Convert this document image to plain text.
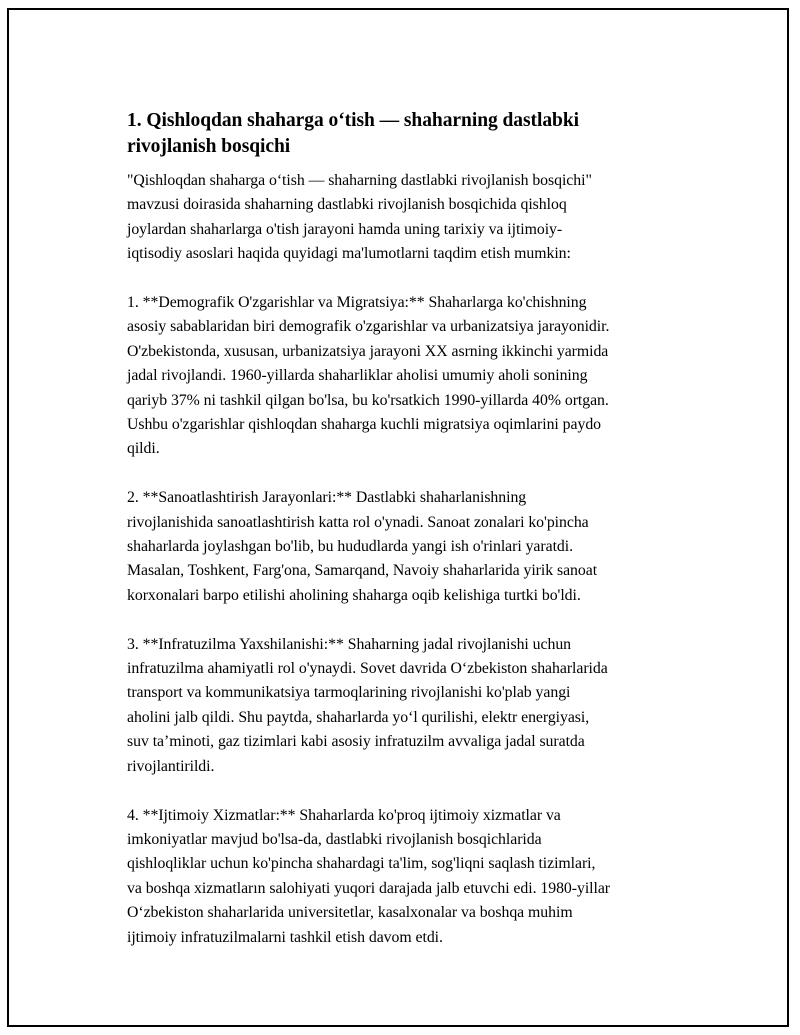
1. Qishloqdan shaharga o‘tish — shaharning dastlabki
rivojlanish bosqichi

"Qishloqdan shaharga o‘tish — shaharning dastlabki rivojlanish bosqichi"
mavzusi doirasida shaharning dastlabki rivojlanish bosqichida qishloq
joylardan shaharlarga o'tish jarayoni hamda uning tarixiy va ijtimoiy-
iqtisodiy asoslari haqida quyidagi ma'lumotlarni taqdim etish mumkin:

1. **Demografik O'zgarishlar va Migratsiya:** Shaharlarga ko'chishning
asosiy sabablaridan biri demografik o'zgarishlar va urbanizatsiya jarayonidir.
O'zbekistonda, xususan, urbanizatsiya jarayoni XX asrning ikkinchi yarmida
jadal rivojlandi. 1960-yillarda shaharliklar aholisi umumiy aholi sonining
qariyb 37% ni tashkil qilgan bo'lsa, bu ko'rsatkich 1990-yillarda 40% ortgan.
Ushbu o'zgarishlar qishloqdan shaharga kuchli migratsiya oqimlarini paydo
qildi.

2. **Sanoatlashtirish Jarayonlari:** Dastlabki shaharlanishning
rivojlanishida sanoatlashtirish katta rol o'ynadi. Sanoat zonalari ko'pincha
shaharlarda joylashgan bo'lib, bu hududlarda yangi ish o'rinlari yaratdi.
Masalan, Toshkent, Farg'ona, Samarqand, Navoiy shaharlarida yirik sanoat
korxonalari barpo etilishi aholining shaharga oqib kelishiga turtki bo'ldi.

3. **Infratuzilma Yaxshilanishi:** Shaharning jadal rivojlanishi uchun
infratuzilma ahamiyatli rol o'ynaydi. Sovet davrida O‘zbekiston shaharlarida
transport va kommunikatsiya tarmoqlarining rivojlanishi ko'plab yangi
aholini jalb qildi. Shu paytda, shaharlarda yo‘l qurilishi, elektr energiyasi,
suv ta’minoti, gaz tizimlari kabi asosiy infratuzilm avvaliga jadal suratda
rivojlantirildi.

4. **Ijtimoiy Xizmatlar:** Shaharlarda ko'proq ijtimoiy xizmatlar va
imkoniyatlar mavjud bo'lsa-da, dastlabki rivojlanish bosqichlarida
qishloqliklar uchun ko'pincha shahardagi ta'lim, sog'liqni saqlash tizimlari,
va boshqa xizmatların salohiyati yuqori darajada jalb etuvchi edi. 1980-yillar
O‘zbekiston shaharlarida universitetlar, kasalxonalar va boshqa muhim
ijtimoiy infratuzilmalarni tashkil etish davom etdi.
